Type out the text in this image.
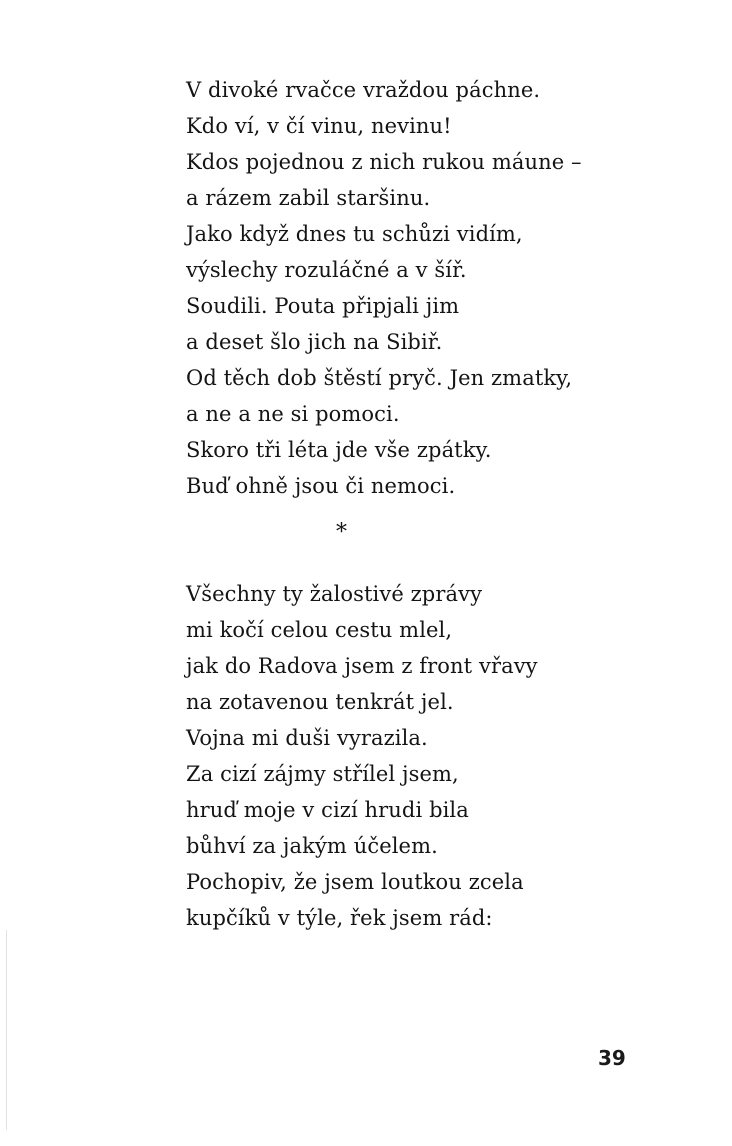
V divoké rvačce vraždou páchne.
Kdo ví, v čí vinu, nevinu!
Kdos pojednou z nich rukou máune –
a rázem zabil staršinu.
Jako když dnes tu schůzi vidím,
výslechy rozuláčné a v šíř.
Soudili. Pouta připjali jim
a deset šlo jich na Sibiř.
Od těch dob štěstí pryč. Jen zmatky,
a ne a ne si pomoci.
Skoro tři léta jde vše zpátky.
Buď ohně jsou či nemoci.
*
Všechny ty žalostivé zprávy
mi kočí celou cestu mlel,
jak do Radova jsem z front vřavy
na zotavenou tenkrát jel.
Vojna mi duši vyrazila.
Za cizí zájmy střílel jsem,
hruď moje v cizí hrudi bila
bůhví za jakým účelem.
Pochopiv, že jsem loutkou zcela
kupčíků v týle, řek jsem rád:
39
